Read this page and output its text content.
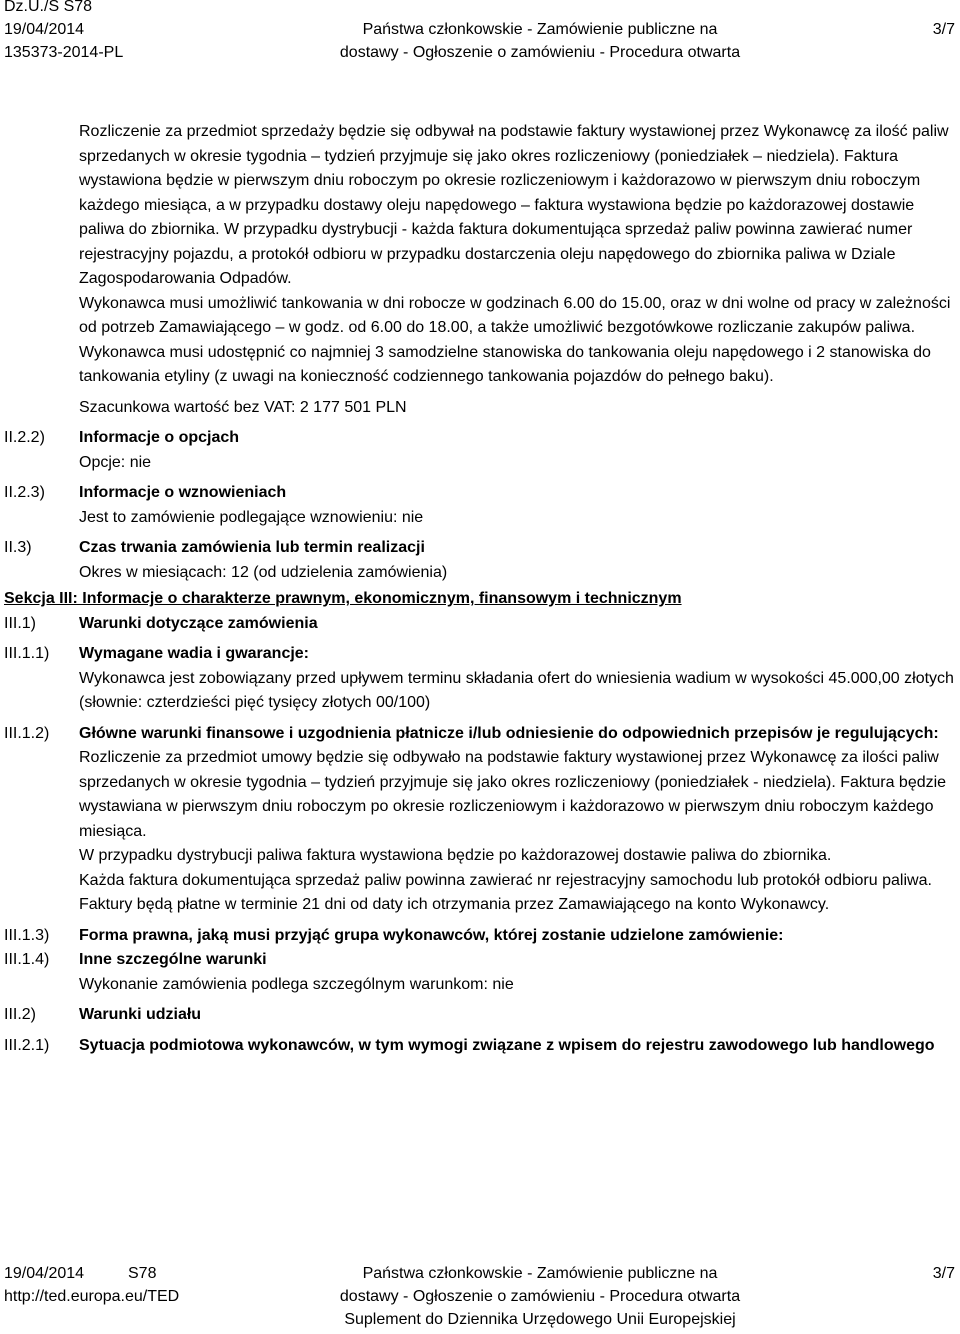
Dz.U./S S78
19/04/2014
135373-2014-PL
Państwa członkowskie - Zamówienie publiczne na
dostawy - Ogłoszenie o zamówieniu - Procedura otwarta
3/7

Rozliczenie za przedmiot sprzedaży będzie się odbywał na podstawie faktury wystawionej przez Wykonawcę za ilość paliw sprzedanych w okresie tygodnia – tydzień przyjmuje się jako okres rozliczeniowy (poniedziałek – niedziela). Faktura wystawiona będzie w pierwszym dniu roboczym po okresie rozliczeniowym i każdorazowo w pierwszym dniu roboczym każdego miesiąca, a w przypadku dostawy oleju napędowego – faktura wystawiona będzie po każdorazowej dostawie paliwa do zbiornika. W przypadku dystrybucji - każda faktura dokumentująca sprzedaż paliw powinna zawierać numer rejestracyjny pojazdu, a protokół odbioru w przypadku dostarczenia oleju napędowego do zbiornika paliwa w Dziale Zagospodarowania Odpadów.

Wykonawca musi umożliwić tankowania w dni robocze w godzinach 6.00 do 15.00, oraz w dni wolne od pracy w zależności od potrzeb Zamawiającego – w godz. od 6.00 do 18.00, a także umożliwić bezgotówkowe rozliczanie zakupów paliwa.

Wykonawca musi udostępnić co najmniej 3 samodzielne stanowiska do tankowania oleju napędowego i 2 stanowiska do tankowania etyliny (z uwagi na konieczność codziennego tankowania pojazdów do pełnego baku).

Szacunkowa wartość bez VAT: 2 177 501 PLN

II.2.2)	Informacje o opcjach
Opcje: nie
II.2.3)	Informacje o wznowieniach
Jest to zamówienie podlegające wznowieniu: nie
II.3)	Czas trwania zamówienia lub termin realizacji
Okres w miesiącach: 12 (od udzielenia zamówienia)
Sekcja III: Informacje o charakterze prawnym, ekonomicznym, finansowym i technicznym
III.1)	Warunki dotyczące zamówienia
III.1.1)	Wymagane wadia i gwarancje:
Wykonawca jest zobowiązany przed upływem terminu składania ofert do wniesienia wadium w wysokości 45.000,00 złotych (słownie: czterdzieści pięć tysięcy złotych 00/100)
III.1.2)	Główne warunki finansowe i uzgodnienia płatnicze i/lub odniesienie do odpowiednich przepisów je regulujących:

Rozliczenie za przedmiot umowy będzie się odbywało na podstawie faktury wystawionej przez Wykonawcę za ilości paliw sprzedanych w okresie tygodnia – tydzień przyjmuje się jako okres rozliczeniowy (poniedziałek - niedziela). Faktura będzie wystawiana w pierwszym dniu roboczym po okresie rozliczeniowym i każdorazowo w pierwszym dniu roboczym każdego miesiąca.

W przypadku dystrybucji paliwa faktura wystawiona będzie po każdorazowej dostawie paliwa do zbiornika.

Każda faktura dokumentująca sprzedaż paliw powinna zawierać nr rejestracyjny samochodu lub protokół odbioru paliwa. Faktury będą płatne w terminie 21 dni od daty ich otrzymania przez Zamawiającego na konto Wykonawcy.

III.1.3)	Forma prawna, jaką musi przyjąć grupa wykonawców, której zostanie udzielone zamówienie:
III.1.4)	Inne szczególne warunki
Wykonanie zamówienia podlega szczególnym warunkom: nie
III.2)	Warunki udziału
III.2.1)	Sytuacja podmiotowa wykonawców, w tym wymogi związane z wpisem do rejestru zawodowego lub handlowego
19/04/2014
http://ted.europa.eu/TED
S78	Państwa członkowskie - Zamówienie publiczne na
dostawy - Ogłoszenie o zamówieniu - Procedura otwarta
Suplement do Dziennika Urzędowego Unii Europejskiej
3/7
